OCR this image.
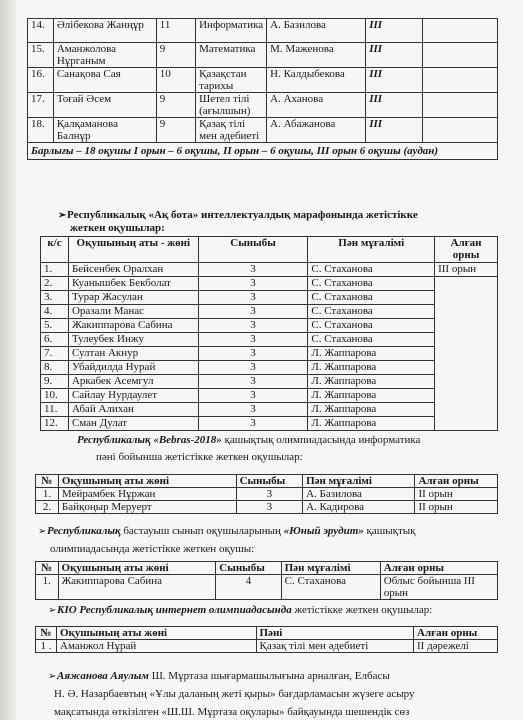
14.	Әлібекова Жанңұр	11	Информатика	А. Базилова	III	
15.	Аманжолова Нұрганым	9	Математика	М. Маженова	III	
16.	Санақова Сая	10	Қазақстан тарихы	Н. Калдыбекова	III	
17.	Тоғай Әсем	9	Шетел тілі (ағылшын)	А. Аханова	III	
18.	Қалқаманова Балнұр	9	Қазақ тілі мен әдебиеті	А. Абажанова	III	
Барлығы – 18 оқушы I орын – 6 оқушы, II орын – 6 оқушы, III орын 6 оқушы (аудан)						
➢Республикалық «Ақ бота» интеллектуалдық марафонында жетістікке
жеткен оқушылар:
к/с	Оқушының аты - жөні	Сыныбы	Пән мұғалімі	Алған орны
1.	Бейсенбек Оралхан	3	С. Стаханова	III орын
2.	Куанышбек Бекболат	3	С. Стаханова	
3.	Турар Жасулан	3	С. Стаханова	
4.	Оразали Манас	3	С. Стаханова	
5.	Жакиппарова Сабина	3	С. Стаханова	
6.	Тулеубек Инжу	3	С. Стаханова	
7.	Султан Акнур	3	Л. Жаппарова	
8.	Убайдилда Нурай	3	Л. Жаппарова	
9.	Аркабек Асемгул	3	Л. Жаппарова	
10.	Сайлау Нурдаулет	3	Л. Жаппарова	
11.	Абай Алихан	3	Л. Жаппарова	
12.	Сман Дулат	3	Л. Жаппарова	
Республикалық «Bebras-2018» қашықтық олимпиадасында информатика
пәні бойынша жетістікке жеткен оқушылар:
№	Оқушының аты жөні	Сыныбы	Пән мұғалімі	Алған орны
1.	Мейрамбек Нұржан	3	А. Базилова	II орын
2.	Байқоңыр Меруерт	3	А. Кадирова	II орын
➢Республикалық бастауыш сынып оқушыларының «Юный эрудит» қашықтық
олимпиадасында жетістікке жеткен оқушы:
№	Оқушының аты жөні	Сыныбы	Пән мұғалімі	Алған орны
1.	Жакиппарова Сабина	4	С. Стаханова	Облыс бойынша III
орын
➢КІО Республикалық интернет олимпиадасында жетістікке жеткен оқушылар:
№	Оқушының аты жөні	Пәні	Алған орны
1 .	Аманжол Нұрай	Қазақ тілі мен әдебиеті	II дәрежелі
➢Аяжанова Аяулым Ш. Мұртаза шығармашылығына арналған, Елбасы
Н. Ә. Назарбаевтың «Ұлы даланың жеті қыры» бағдарламасын жүзеге асыру
мақсатында өткізілген «Ш.Ш. Мұртаза оқулары» байқауында шешендік сөз
